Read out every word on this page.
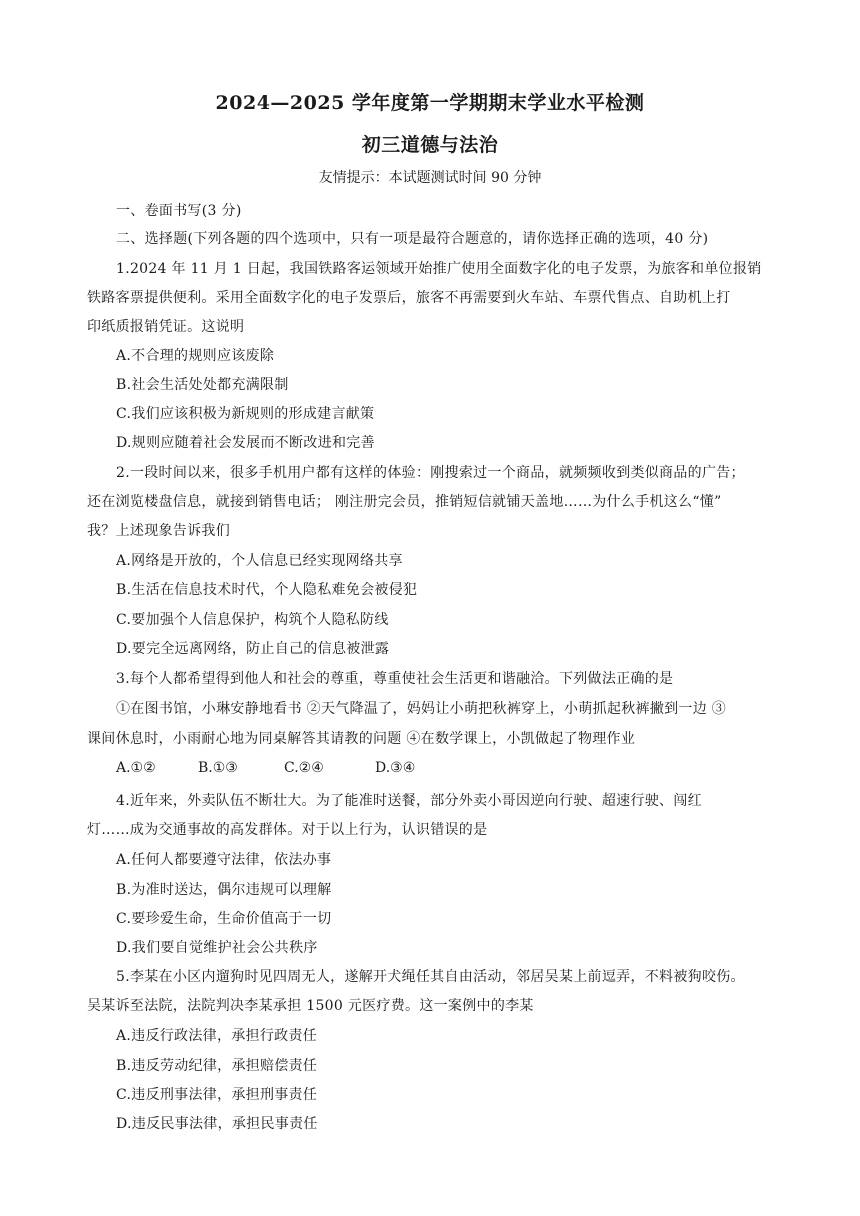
2024—2025 学年度第一学期期末学业水平检测
初三道德与法治
友情提示：本试题测试时间 90 分钟
一、卷面书写(3 分)
二、选择题(下列各题的四个选项中，只有一项是最符合题意的，请你选择正确的选项，40 分)
1.2024 年 11 月 1 日起，我国铁路客运领域开始推广使用全面数字化的电子发票，为旅客和单位报销
铁路客票提供便利。采用全面数字化的电子发票后，旅客不再需要到火车站、车票代售点、自助机上打
印纸质报销凭证。这说明
A.不合理的规则应该废除
B.社会生活处处都充满限制
C.我们应该积极为新规则的形成建言献策
D.规则应随着社会发展而不断改进和完善
2.一段时间以来，很多手机用户都有这样的体验：刚搜索过一个商品，就频频收到类似商品的广告；
还在浏览楼盘信息，就接到销售电话； 刚注册完会员，推销短信就铺天盖地……为什么手机这么“懂”
我？上述现象告诉我们
A.网络是开放的，个人信息已经实现网络共享
B.生活在信息技术时代，个人隐私难免会被侵犯
C.要加强个人信息保护，构筑个人隐私防线
D.要完全远离网络，防止自己的信息被泄露
3.每个人都希望得到他人和社会的尊重，尊重使社会生活更和谐融洽。下列做法正确的是
①在图书馆，小琳安静地看书 ②天气降温了，妈妈让小萌把秋裤穿上，小萌抓起秋裤撇到一边 ③
课间休息时，小雨耐心地为同桌解答其请教的问题 ④在数学课上，小凯做起了物理作业
A.①②	B.①③	C.②④	D.③④
4.近年来，外卖队伍不断壮大。为了能准时送餐，部分外卖小哥因逆向行驶、超速行驶、闯红
灯……成为交通事故的高发群体。对于以上行为，认识错误的是
A.任何人都要遵守法律，依法办事
B.为准时送达，偶尔违规可以理解
C.要珍爱生命，生命价值高于一切
D.我们要自觉维护社会公共秩序
5.李某在小区内遛狗时见四周无人，遂解开犬绳任其自由活动，邻居吴某上前逗弄，不料被狗咬伤。
吴某诉至法院，法院判决李某承担 1500 元医疗费。这一案例中的李某
A.违反行政法律，承担行政责任
B.违反劳动纪律，承担赔偿责任
C.违反刑事法律，承担刑事责任
D.违反民事法律，承担民事责任
